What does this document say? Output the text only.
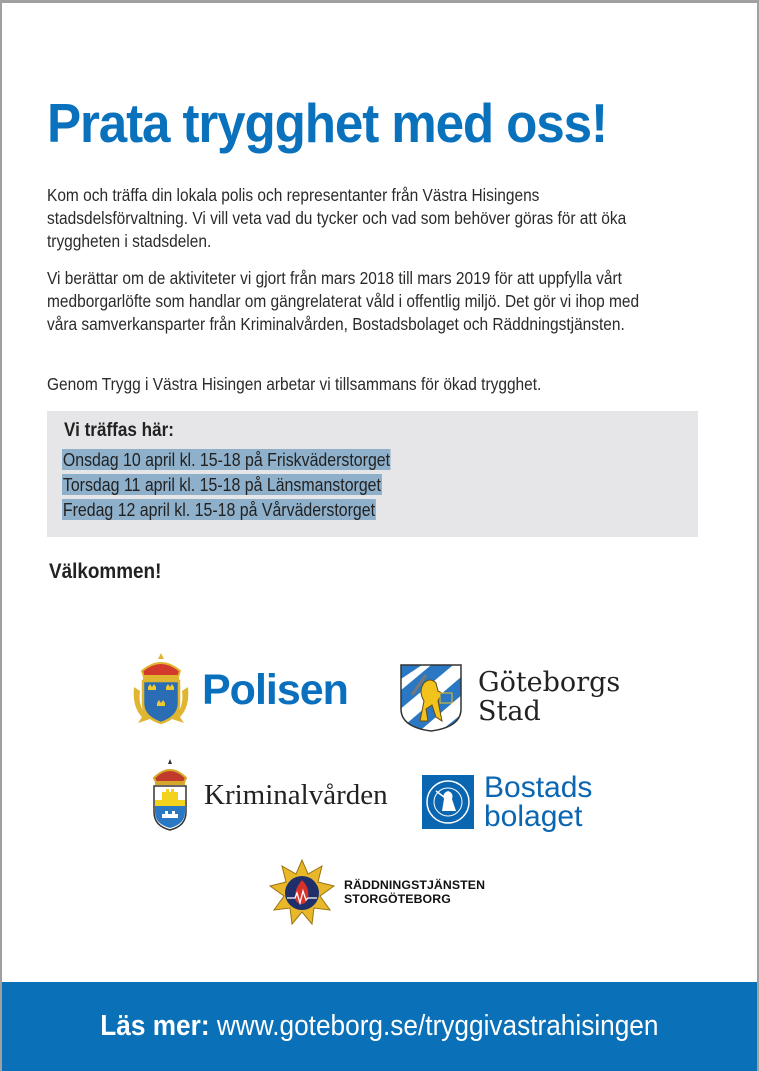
Prata trygghet med oss!

Kom och träffa din lokala polis och representanter från Västra Hisingens stadsdelsförvaltning. Vi vill veta vad du tycker och vad som behöver göras för att öka tryggheten i stadsdelen.

Vi berättar om de aktiviteter vi gjort från mars 2018 till mars 2019 för att uppfylla vårt medborgarlöfte som handlar om gängrelaterat våld i offentlig miljö. Det gör vi ihop med våra samverkansparter från Kriminalvården, Bostadsbolaget och Räddningstjänsten.

Genom Trygg i Västra Hisingen arbetar vi tillsammans för ökad trygghet.

Vi träffas här:
Onsdag 10 april kl. 15-18 på Friskväderstorget
Torsdag 11 april kl. 15-18 på Länsmanstorget
Fredag 12 april kl. 15-18 på Vårväderstorget
Välkommen!
Polisen	Göteborgs
Stad
Kriminalvården	Bostads
bolaget
RÄDDNINGSTJÄNSTEN
STORGÖTEBORG
Läs mer: www.goteborg.se/tryggivastrahisingen
